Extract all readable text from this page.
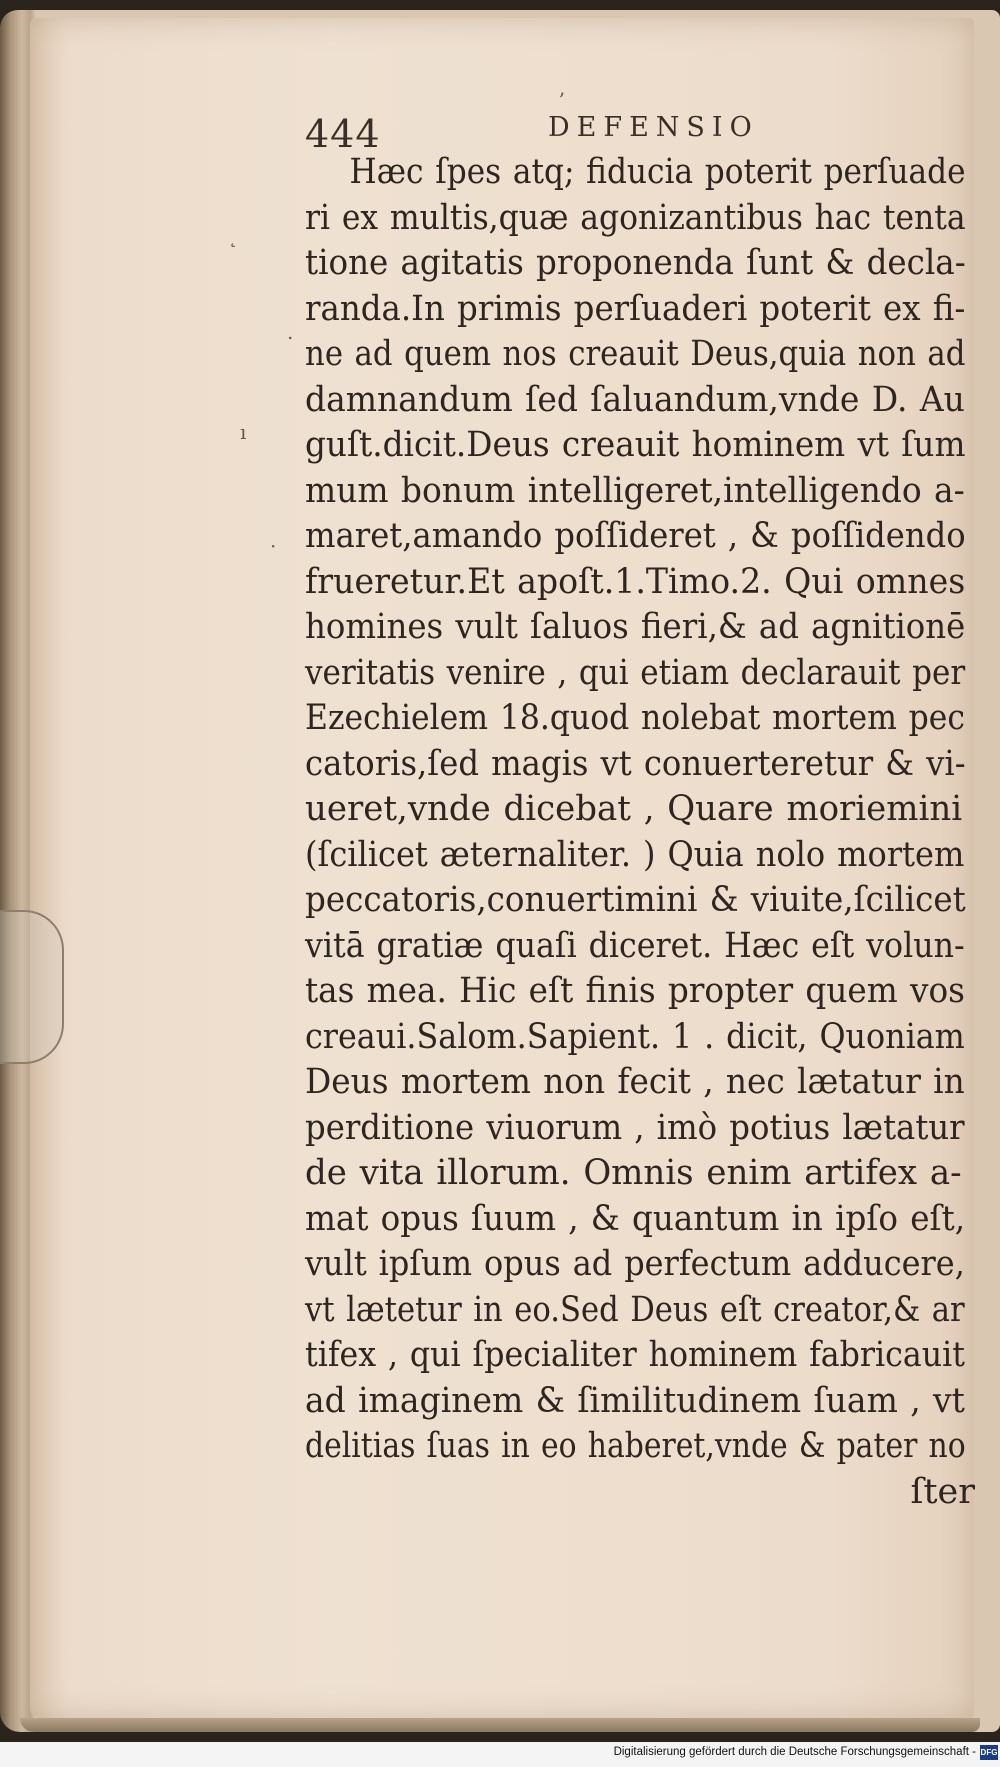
444	DEFENSIO
ʼ
˛
.
ı
·
Hæc ſpes atq; fiducia poterit perſuade
ri ex multis,quæ agonizantibus hac tenta
tione agitatis proponenda ſunt & decla-
randa.In primis perſuaderi poterit ex fi-
ne ad quem nos creauit Deus,quia non ad
damnandum ſed ſaluandum,vnde D. Au
guſt.dicit.Deus creauit hominem vt ſum
mum bonum intelligeret,intelligendo a-
maret,amando poſſideret , & poſſidendo
frueretur.Et apoſt.1.Timo.2. Qui omnes
homines vult ſaluos fieri,& ad agnitionē
veritatis venire , qui etiam declarauit per
Ezechielem 18.quod nolebat mortem pec
catoris,ſed magis vt conuerteretur & vi-
ueret,vnde dicebat , Quare moriemini
(ſcilicet æternaliter. ) Quia nolo mortem
peccatoris,conuertimini & viuite,ſcilicet
vitā gratiæ quaſi diceret. Hæc eſt volun-
tas mea. Hic eſt finis propter quem vos
creaui.Salom.Sapient. 1 . dicit, Quoniam
Deus mortem non fecit , nec lætatur in
perditione viuorum , imò potius lætatur
de vita illorum. Omnis enim artifex a-
mat opus ſuum , & quantum in ipſo eſt,
vult ipſum opus ad perfectum adducere,
vt lætetur in eo.Sed Deus eſt creator,& ar
tifex , qui ſpecialiter hominem fabricauit
ad imaginem & ſimilitudinem ſuam , vt
delitias ſuas in eo haberet,vnde & pater no
ſter
Digitalisierung gefördert durch die Deutsche Forschungsgemeinschaft - DFG
